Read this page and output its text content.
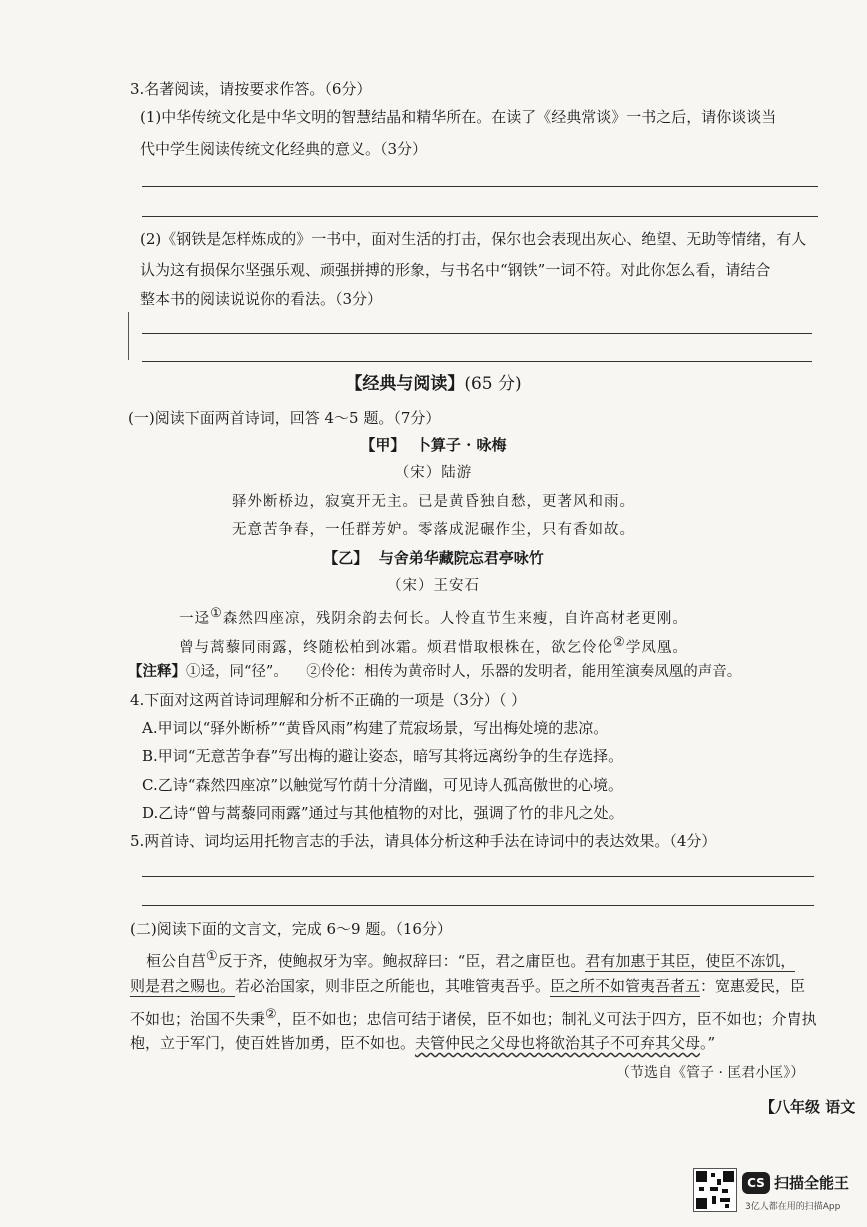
3.名著阅读，请按要求作答。（6分）
(1)中华传统文化是中华文明的智慧结晶和精华所在。在读了《经典常谈》一书之后，请你谈谈当
代中学生阅读传统文化经典的意义。（3分）
(2)《钢铁是怎样炼成的》一书中，面对生活的打击，保尔也会表现出灰心、绝望、无助等情绪，有人
认为这有损保尔坚强乐观、顽强拼搏的形象，与书名中“钢铁”一词不符。对此你怎么看，请结合
整本书的阅读说说你的看法。（3分）
【经典与阅读】(65 分)
(一)阅读下面两首诗词，回答 4～5 题。（7分）
【甲】 卜算子 · 咏梅
（宋）陆游
驿外断桥边，寂寞开无主。已是黄昏独自愁，更著风和雨。
无意苦争春，一任群芳妒。零落成泥碾作尘，只有香如故。
【乙】 与舍弟华藏院忘君亭咏竹
（宋）王安石
一迳①森然四座凉，残阴余韵去何长。人怜直节生来瘦，自许高材老更刚。
曾与蒿藜同雨露，终随松柏到冰霜。烦君惜取根株在，欲乞伶伦②学凤凰。
【注释】①迳，同“径”。 ②伶伦：相传为黄帝时人，乐器的发明者，能用笙演奏凤凰的声音。
4.下面对这两首诗词理解和分析不正确的一项是（3分）（ ）
A.甲词以“驿外断桥”“黄昏风雨”构建了荒寂场景，写出梅处境的悲凉。
B.甲词“无意苦争春”写出梅的避让姿态，暗写其将远离纷争的生存选择。
C.乙诗“森然四座凉”以触觉写竹荫十分清幽，可见诗人孤高傲世的心境。
D.乙诗“曾与蒿藜同雨露”通过与其他植物的对比，强调了竹的非凡之处。
5.两首诗、词均运用托物言志的手法，请具体分析这种手法在诗词中的表达效果。（4分）
(二)阅读下面的文言文，完成 6～9 题。（16分）
桓公自莒①反于齐，使鲍叔牙为宰。鲍叔辞曰：“臣，君之庸臣也。君有加惠于其臣，使臣不冻饥，
则是君之赐也。若必治国家，则非臣之所能也，其唯管夷吾乎。臣之所不如管夷吾者五：宽惠爱民，臣
不如也；治国不失秉②，臣不如也；忠信可结于诸侯，臣不如也；制礼义可法于四方，臣不如也；介胄执
枹，立于军门，使百姓皆加勇，臣不如也。夫管仲民之父母也将欲治其子不可弃其父母。”
（节选自《管子 · 匡君小匡》）
【八年级 语文
CS 扫描全能王
3亿人都在用的扫描App
